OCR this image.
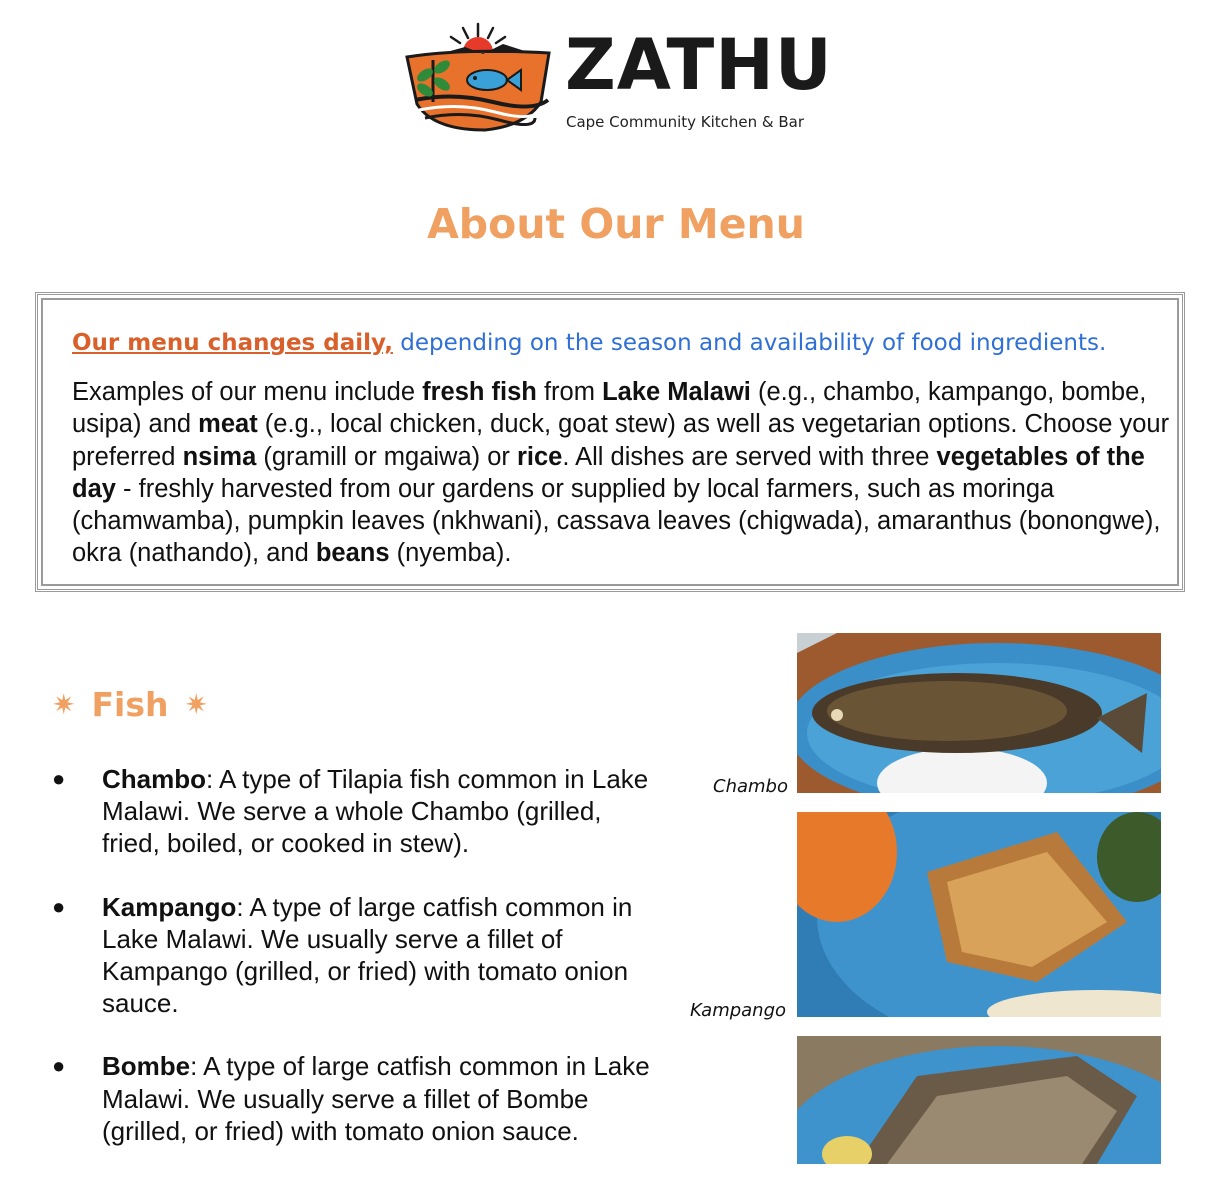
ZATHU
Cape Community Kitchen & Bar
About Our Menu

Our menu changes daily, depending on the season and availability of food ingredients.

Examples of our menu include fresh fish from Lake Malawi (e.g., chambo, kampango, bombe, usipa) and meat (e.g., local chicken, duck, goat stew) as well as vegetarian options. Choose your preferred nsima (gramill or mgaiwa) or rice. All dishes are served with three vegetables of the day - freshly harvested from our gardens or supplied by local farmers, such as moringa (chamwamba), pumpkin leaves (nkhwani), cassava leaves (chigwada), amaranthus (bonongwe), okra (nathando), and beans (nyemba).

✷ Fish ✷
● Chambo: A type of Tilapia fish common in Lake Malawi. We serve a whole Chambo (grilled, fried, boiled, or cooked in stew).
● Kampango: A type of large catfish common in Lake Malawi. We usually serve a fillet of Kampango (grilled, or fried) with tomato onion sauce.
● Bombe: A type of large catfish common in Lake Malawi. We usually serve a fillet of Bombe (grilled, or fried) with tomato onion sauce.
Chambo
Kampango
